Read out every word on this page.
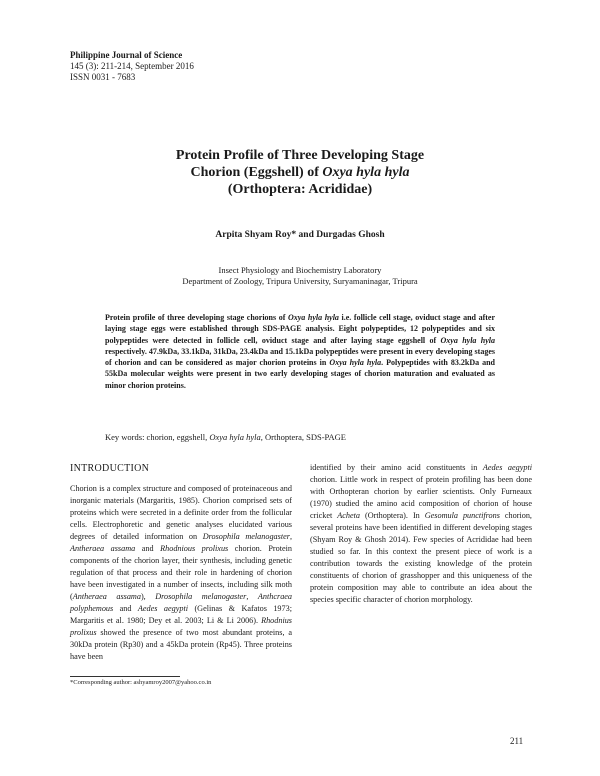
Philippine Journal of Science
145 (3): 211-214, September 2016
ISSN 0031 - 7683
Protein Profile of Three Developing Stage
Chorion (Eggshell) of Oxya hyla hyla
(Orthoptera: Acrididae)
Arpita Shyam Roy* and Durgadas Ghosh
Insect Physiology and Biochemistry Laboratory
Department of Zoology, Tripura University, Suryamaninagar, Tripura
Protein profile of three developing stage chorions of Oxya hyla hyla i.e. follicle cell stage, oviduct stage and after laying stage eggs were established through SDS-PAGE analysis. Eight polypeptides, 12 polypeptides and six polypeptides were detected in follicle cell, oviduct stage and after laying stage eggshell of Oxya hyla hyla respectively. 47.9kDa, 33.1kDa, 31kDa, 23.4kDa and 15.1kDa polypeptides were present in every developing stages of chorion and can be considered as major chorion proteins in Oxya hyla hyla. Polypeptides with 83.2kDa and 55kDa molecular weights were present in two early developing stages of chorion maturation and evaluated as minor chorion proteins.
Key words: chorion, eggshell, Oxya hyla hyla, Orthoptera, SDS-PAGE
INTRODUCTION

Chorion is a complex structure and composed of proteinaceous and inorganic materials (Margaritis, 1985). Chorion comprised sets of proteins which were secreted in a definite order from the follicular cells. Electrophoretic and genetic analyses elucidated various degrees of detailed information on Drosophila melanogaster, Antheraea assama and Rhodnious prolixus chorion. Protein components of the chorion layer, their synthesis, including genetic regulation of that process and their role in hardening of chorion have been investigated in a number of insects, including silk moth (Antheraea assama), Drosophila melanogaster, Anthcraea polyphemous and Aedes aegypti (Gelinas & Kafatos 1973; Margaritis et al. 1980; Dey et al. 2003; Li & Li 2006). Rhodnius prolixus showed the presence of two most abundant proteins, a 30kDa protein (Rp30) and a 45kDa protein (Rp45). Three proteins have been

identified by their amino acid constituents in Aedes aegypti chorion. Little work in respect of protein profiling has been done with Orthopteran chorion by earlier scientists. Only Furneaux (1970) studied the amino acid composition of chorion of house cricket Acheta (Orthoptera). In Gesomula punctifrons chorion, several proteins have been identified in different developing stages (Shyam Roy & Ghosh 2014). Few species of Acrididae had been studied so far. In this context the present piece of work is a contribution towards the existing knowledge of the protein constituents of chorion of grasshopper and this uniqueness of the protein composition may able to contribute an idea about the species specific character of chorion morphology.

*Corresponding author: ashyamroy2007@yahoo.co.in
211
